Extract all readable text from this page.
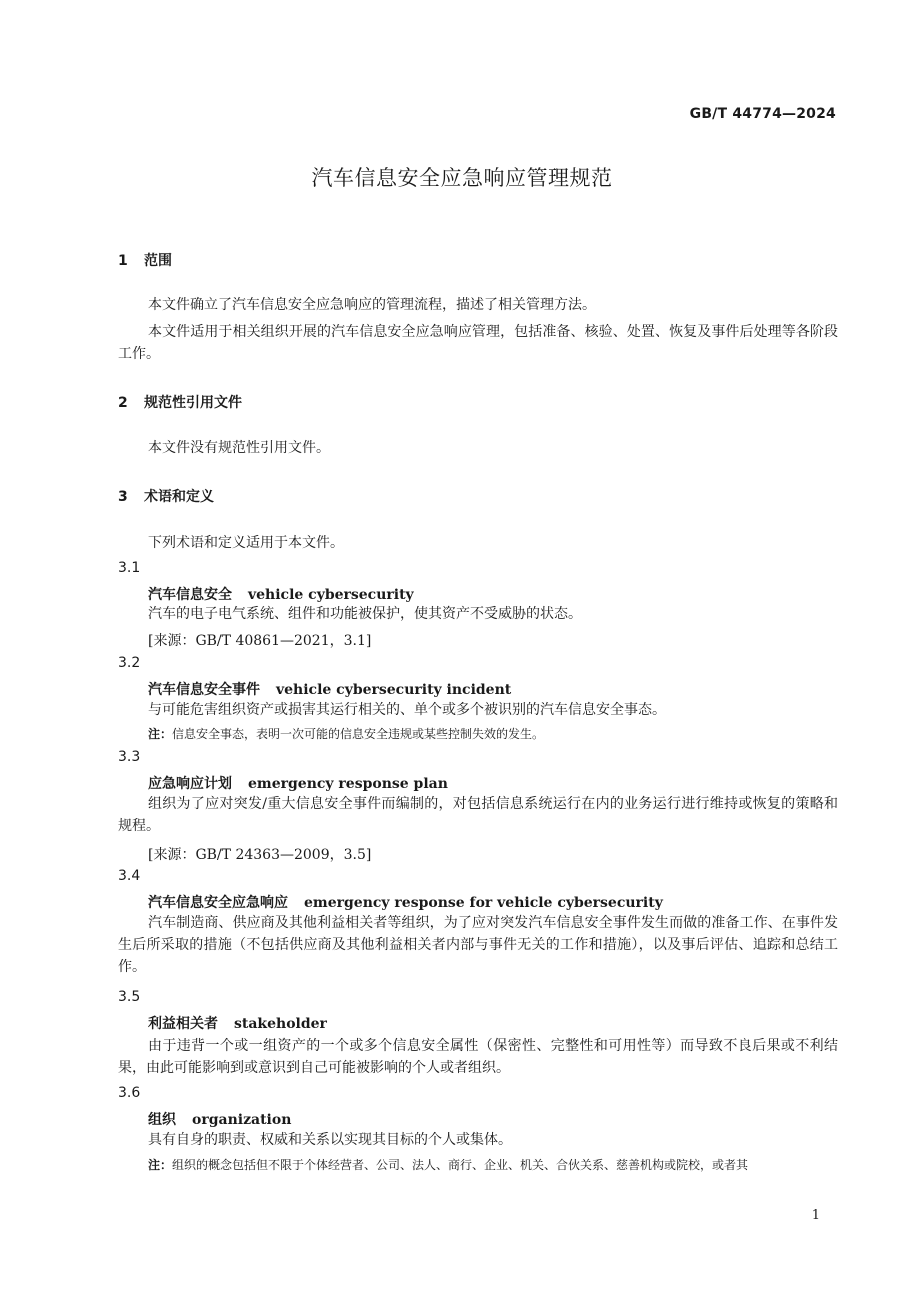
GB/T 44774—2024
汽车信息安全应急响应管理规范
1 范围
本文件确立了汽车信息安全应急响应的管理流程，描述了相关管理方法。
本文件适用于相关组织开展的汽车信息安全应急响应管理，包括准备、核验、处置、恢复及事件后处理等各阶段工作。
2 规范性引用文件
本文件没有规范性引用文件。
3 术语和定义
下列术语和定义适用于本文件。
3.1
汽车信息安全 vehicle cybersecurity
汽车的电子电气系统、组件和功能被保护，使其资产不受威胁的状态。
[来源：GB/T 40861—2021，3.1]
3.2
汽车信息安全事件 vehicle cybersecurity incident
与可能危害组织资产或损害其运行相关的、单个或多个被识别的汽车信息安全事态。
注：信息安全事态，表明一次可能的信息安全违规或某些控制失效的发生。
3.3
应急响应计划 emergency response plan
组织为了应对突发/重大信息安全事件而编制的，对包括信息系统运行在内的业务运行进行维持或恢复的策略和规程。
[来源：GB/T 24363—2009，3.5]
3.4
汽车信息安全应急响应 emergency response for vehicle cybersecurity
汽车制造商、供应商及其他利益相关者等组织，为了应对突发汽车信息安全事件发生而做的准备工作、在事件发生后所采取的措施（不包括供应商及其他利益相关者内部与事件无关的工作和措施），以及事后评估、追踪和总结工作。
3.5
利益相关者 stakeholder
由于违背一个或一组资产的一个或多个信息安全属性（保密性、完整性和可用性等）而导致不良后果或不利结果，由此可能影响到或意识到自己可能被影响的个人或者组织。
3.6
组织 organization
具有自身的职责、权威和关系以实现其目标的个人或集体。
注：组织的概念包括但不限于个体经营者、公司、法人、商行、企业、机关、合伙关系、慈善机构或院校，或者其
1
